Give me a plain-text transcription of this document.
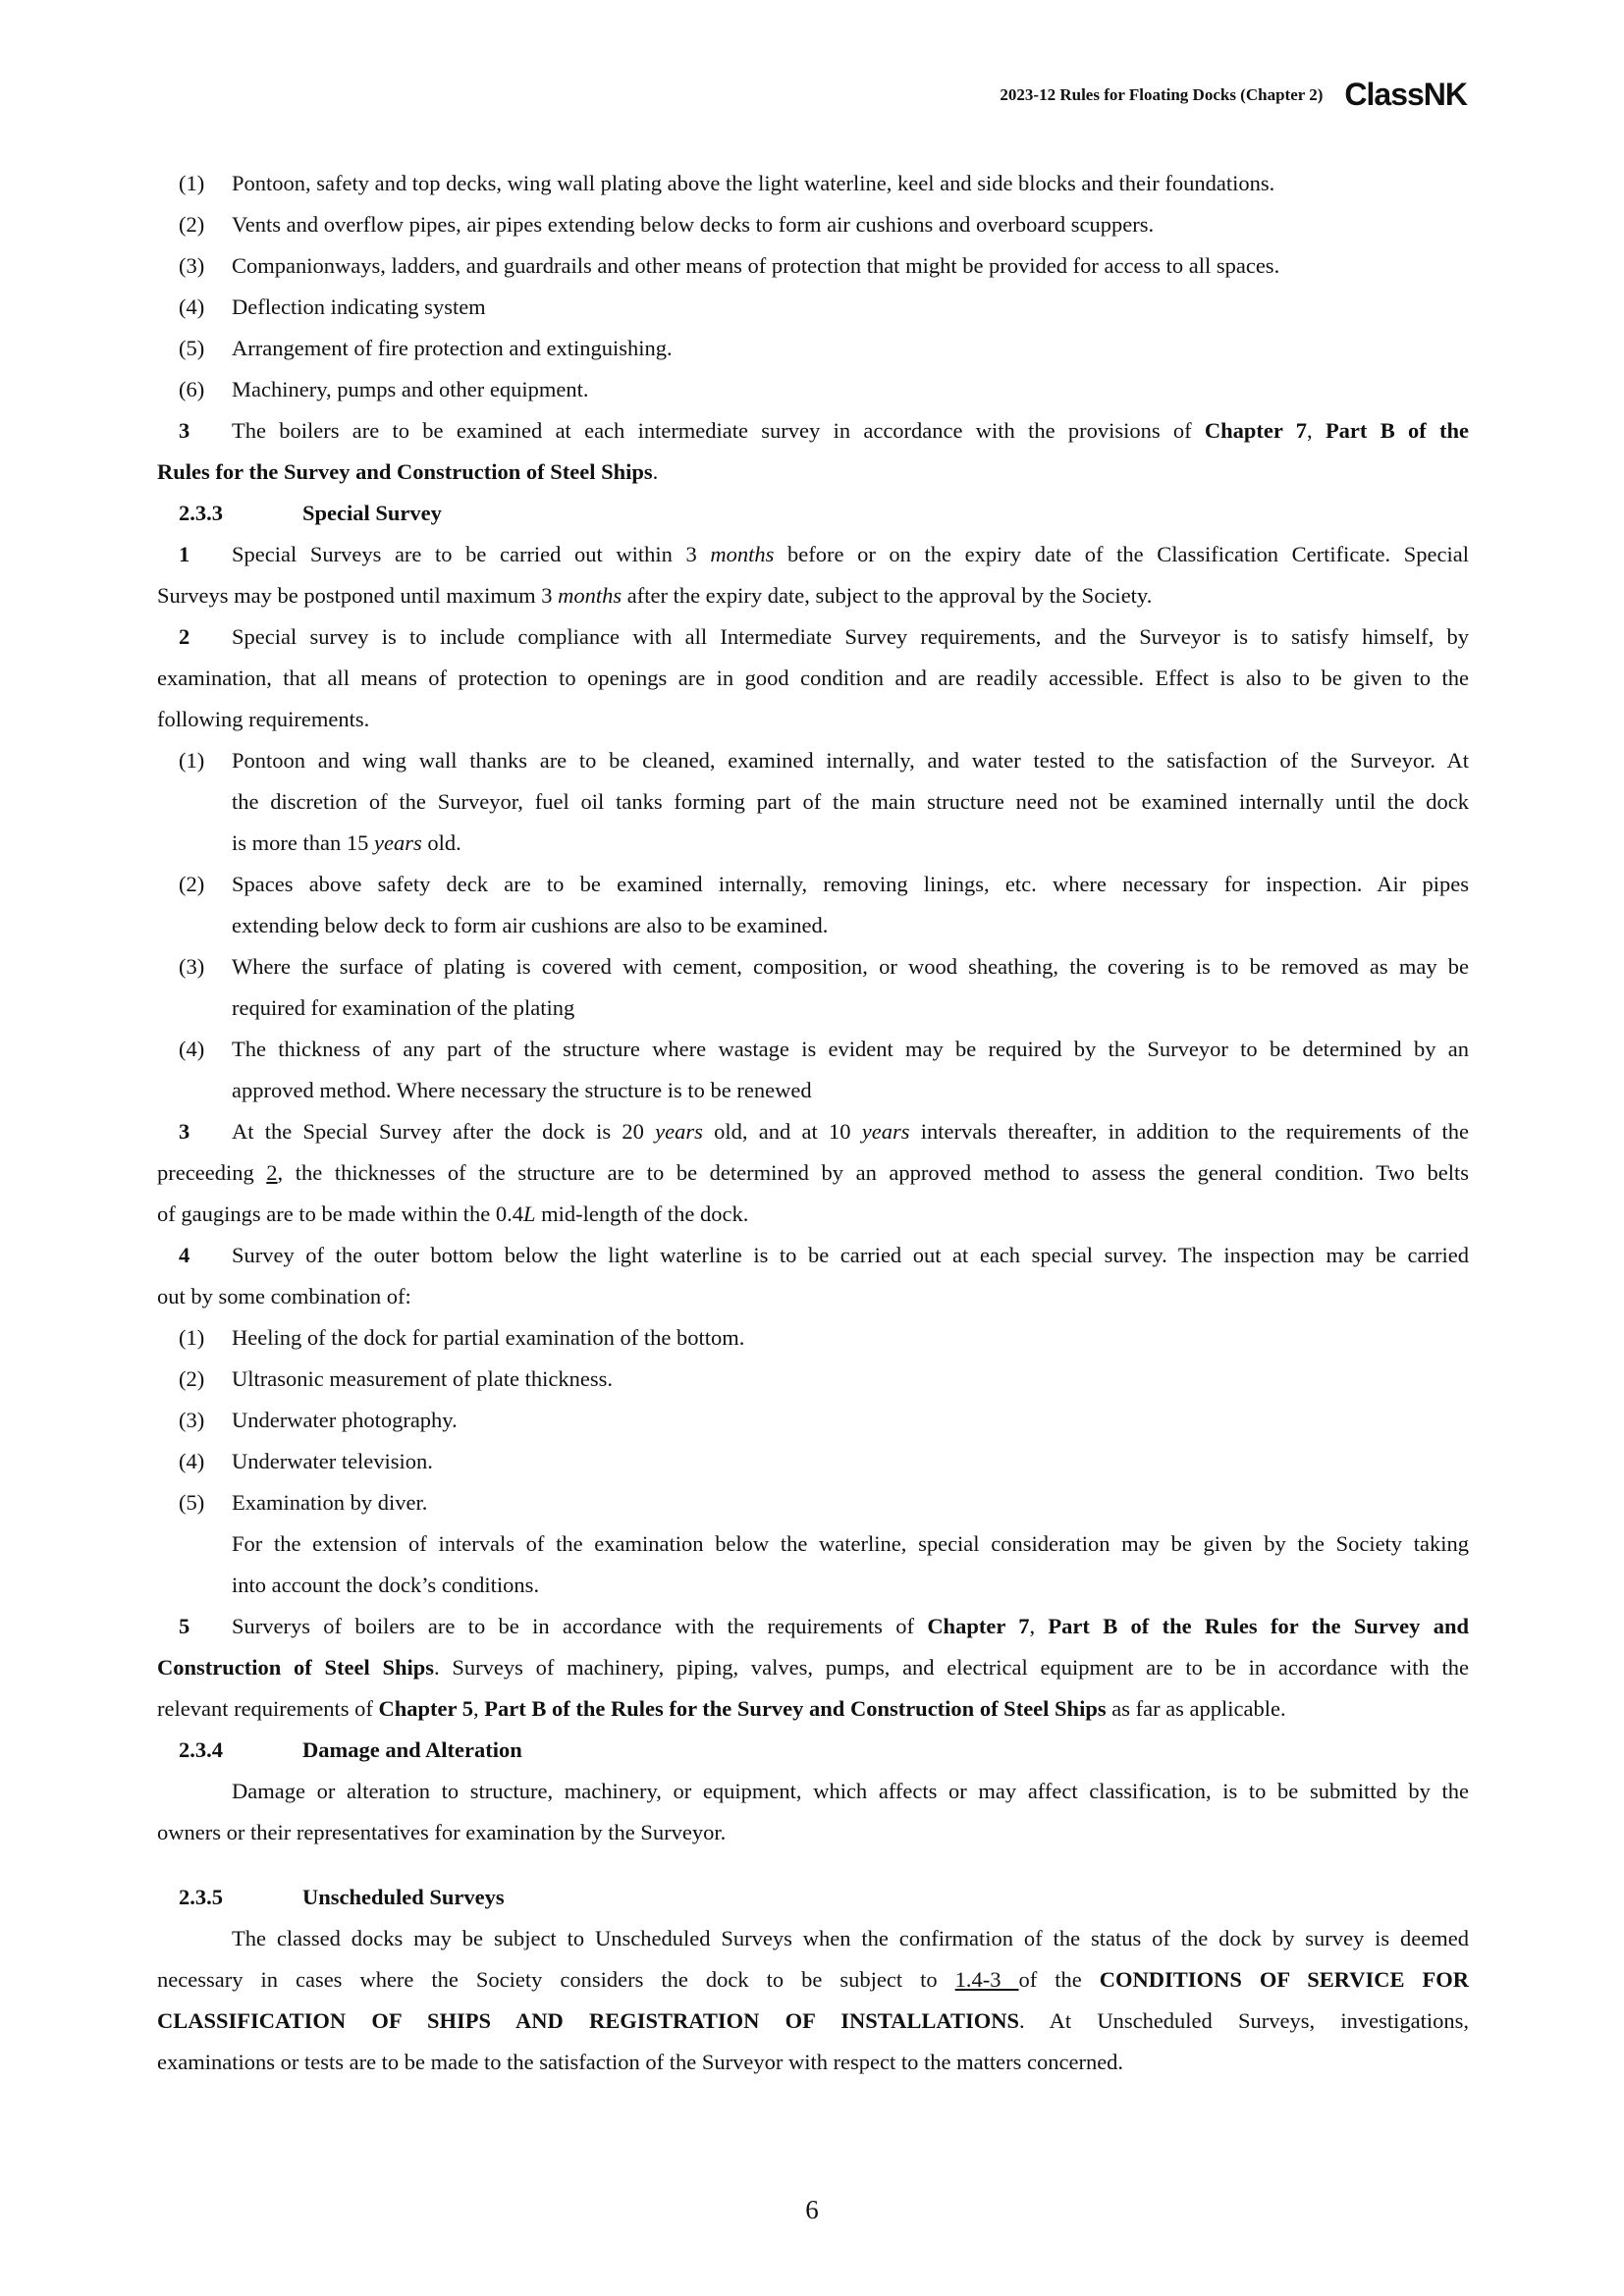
2023-12 Rules for Floating Docks (Chapter 2) ClassNK
(1)	Pontoon, safety and top decks, wing wall plating above the light waterline, keel and side blocks and their foundations.
(2)	Vents and overflow pipes, air pipes extending below decks to form air cushions and overboard scuppers.
(3)	Companionways, ladders, and guardrails and other means of protection that might be provided for access to all spaces.
(4)	Deflection indicating system
(5)	Arrangement of fire protection and extinguishing.
(6)	Machinery, pumps and other equipment.
3 The boilers are to be examined at each intermediate survey in accordance with the provisions of Chapter 7, Part B of the
Rules for the Survey and Construction of Steel Ships.
2.3.3	Special Survey
1 Special Surveys are to be carried out within 3 months before or on the expiry date of the Classification Certificate. Special
Surveys may be postponed until maximum 3 months after the expiry date, subject to the approval by the Society.
2 Special survey is to include compliance with all Intermediate Survey requirements, and the Surveyor is to satisfy himself, by
examination, that all means of protection to openings are in good condition and are readily accessible. Effect is also to be given to the
following requirements.
(1)	Pontoon and wing wall thanks are to be cleaned, examined internally, and water tested to the satisfaction of the Surveyor. At
the discretion of the Surveyor, fuel oil tanks forming part of the main structure need not be examined internally until the dock
is more than 15 years old.
(2)	Spaces above safety deck are to be examined internally, removing linings, etc. where necessary for inspection. Air pipes
extending below deck to form air cushions are also to be examined.
(3)	Where the surface of plating is covered with cement, composition, or wood sheathing, the covering is to be removed as may be
required for examination of the plating
(4)	The thickness of any part of the structure where wastage is evident may be required by the Surveyor to be determined by an
approved method. Where necessary the structure is to be renewed
3 At the Special Survey after the dock is 20 years old, and at 10 years intervals thereafter, in addition to the requirements of the
preceeding 2, the thicknesses of the structure are to be determined by an approved method to assess the general condition. Two belts
of gaugings are to be made within the 0.4L mid-length of the dock.
4 Survey of the outer bottom below the light waterline is to be carried out at each special survey. The inspection may be carried
out by some combination of:
(1)	Heeling of the dock for partial examination of the bottom.
(2)	Ultrasonic measurement of plate thickness.
(3)	Underwater photography.
(4)	Underwater television.
(5)	Examination by diver.
For the extension of intervals of the examination below the waterline, special consideration may be given by the Society taking
into account the dock’s conditions.
5 Surverys of boilers are to be in accordance with the requirements of Chapter 7, Part B of the Rules for the Survey and
Construction of Steel Ships. Surveys of machinery, piping, valves, pumps, and electrical equipment are to be in accordance with the
relevant requirements of Chapter 5, Part B of the Rules for the Survey and Construction of Steel Ships as far as applicable.
2.3.4	Damage and Alteration
Damage or alteration to structure, machinery, or equipment, which affects or may affect classification, is to be submitted by the
owners or their representatives for examination by the Surveyor.
2.3.5	Unscheduled Surveys
The classed docks may be subject to Unscheduled Surveys when the confirmation of the status of the dock by survey is deemed
necessary in cases where the Society considers the dock to be subject to 1.4-3 of the CONDITIONS OF SERVICE FOR
CLASSIFICATION OF SHIPS AND REGISTRATION OF INSTALLATIONS. At Unscheduled Surveys, investigations,
examinations or tests are to be made to the satisfaction of the Surveyor with respect to the matters concerned.
6
